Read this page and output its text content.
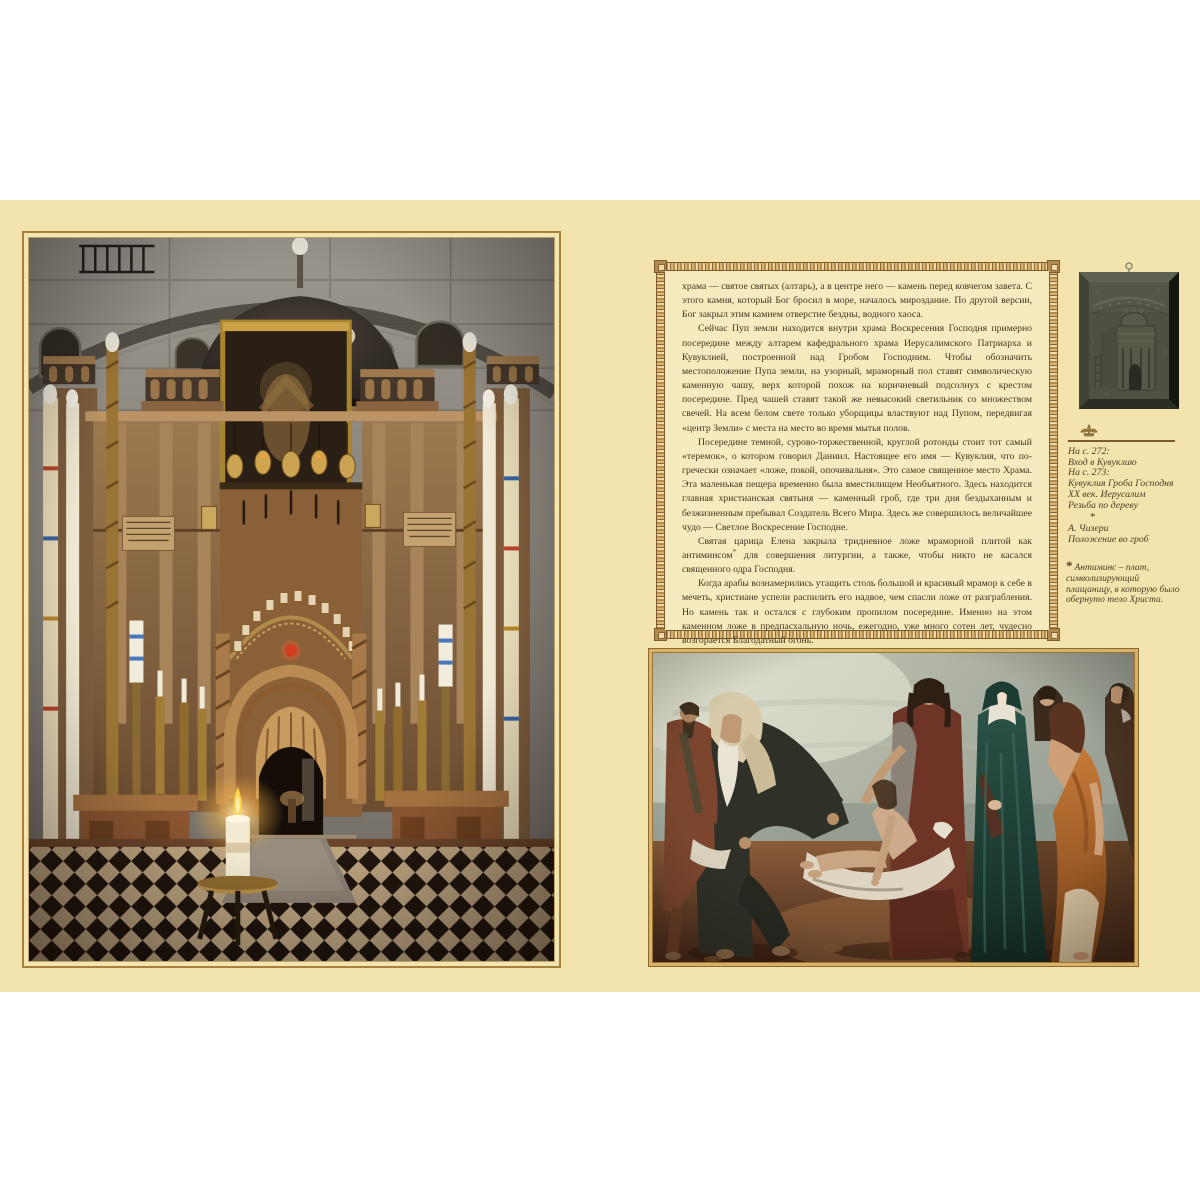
храма — святое святых (алтарь), а в центре него — камень перед ковчегом завета. С этого камня, который Бог бросил в море, началось мироздание. По другой версии, Бог закрыл этим камнем отверстие бездны, водного хаоса.

Сейчас Пуп земли находится внутри храма Воскресения Господня примерно посередине между алтарем кафедрального храма Иерусалимского Патриарха и Кувуклией, построенной над Гробом Господним. Чтобы обозначить местоположение Пупа земли, на узорный, мраморный пол ставят символическую каменную чашу, верх которой похож на коричневый подсолнух с крестом посередине. Пред чашей ставят такой же невысокий светильник со множеством свечей. На всем белом свете только уборщицы властвуют над Пупом, передвигая «центр Земли» с места на место во время мытья полов.

Посередине темной, сурово-торжественной, круглой ротонды стоит тот самый «теремок», о котором говорил Даниил. Настоящее его имя — Кувуклия, что по-гречески означает «ложе, покой, опочивальня». Это самое священное место Храма. Эта маленькая пещера временно была вместилищем Необъятного. Здесь находится главная христианская святыня — каменный гроб, где три дня бездыханным и безжизненным пребывал Создатель Всего Мира. Здесь же совершилось величайшее чудо — Светлое Воскресение Господне.

Святая царица Елена закрыла тридневное ложе мраморной плитой как антиминсом* для совершения литургии, а также, чтобы никто не касался священного одра Господня.

Когда арабы вознамерились утащить столь большой и красивый мрамор к себе в мечеть, христиане успели распилить его надвое, чем спасли ложе от разграбления. Но камень так и остался с глубоким пропилом посередине. Именно на этом каменном ложе в предпасхальную ночь, ежегодно, уже много сотен лет, чудесно возгорается Благодатный огонь.

На с. 272:
Вход в Кувуклию
На с. 273:
Кувуклия Гроба Господня
XX век. Иерусалим
Резьба по дереву
*
А. Чизери
Положение во гроб
* Антиминс – плат, символизирующий плащаницу, в которую было обернуто тело Христа.
